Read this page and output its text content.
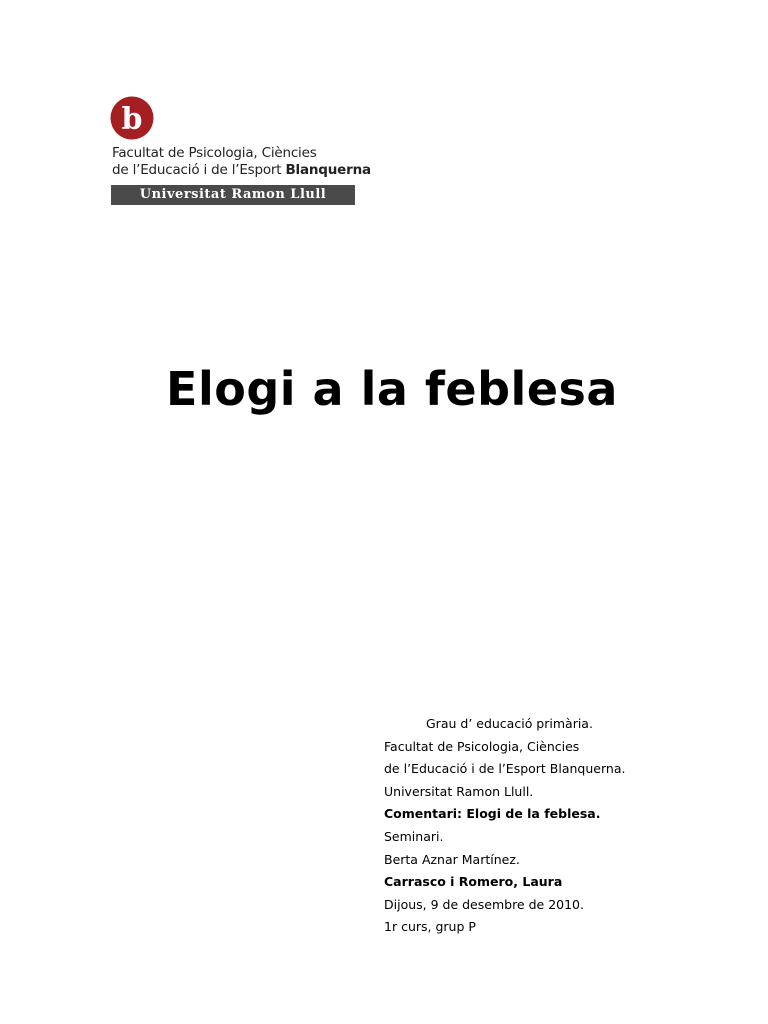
b
Facultat de Psicologia, Ciències
de l’Educació i de l’Esport Blanquerna
Universitat Ramon Llull
Elogi a la feblesa
Grau d’ educació primària.
Facultat de Psicologia, Ciències
de l’Educació i de l’Esport Blanquerna.
Universitat Ramon Llull.
Comentari: Elogi de la feblesa.
Seminari.
Berta Aznar Martínez.
Carrasco i Romero, Laura
Dijous, 9 de desembre de 2010.
1r curs, grup P
